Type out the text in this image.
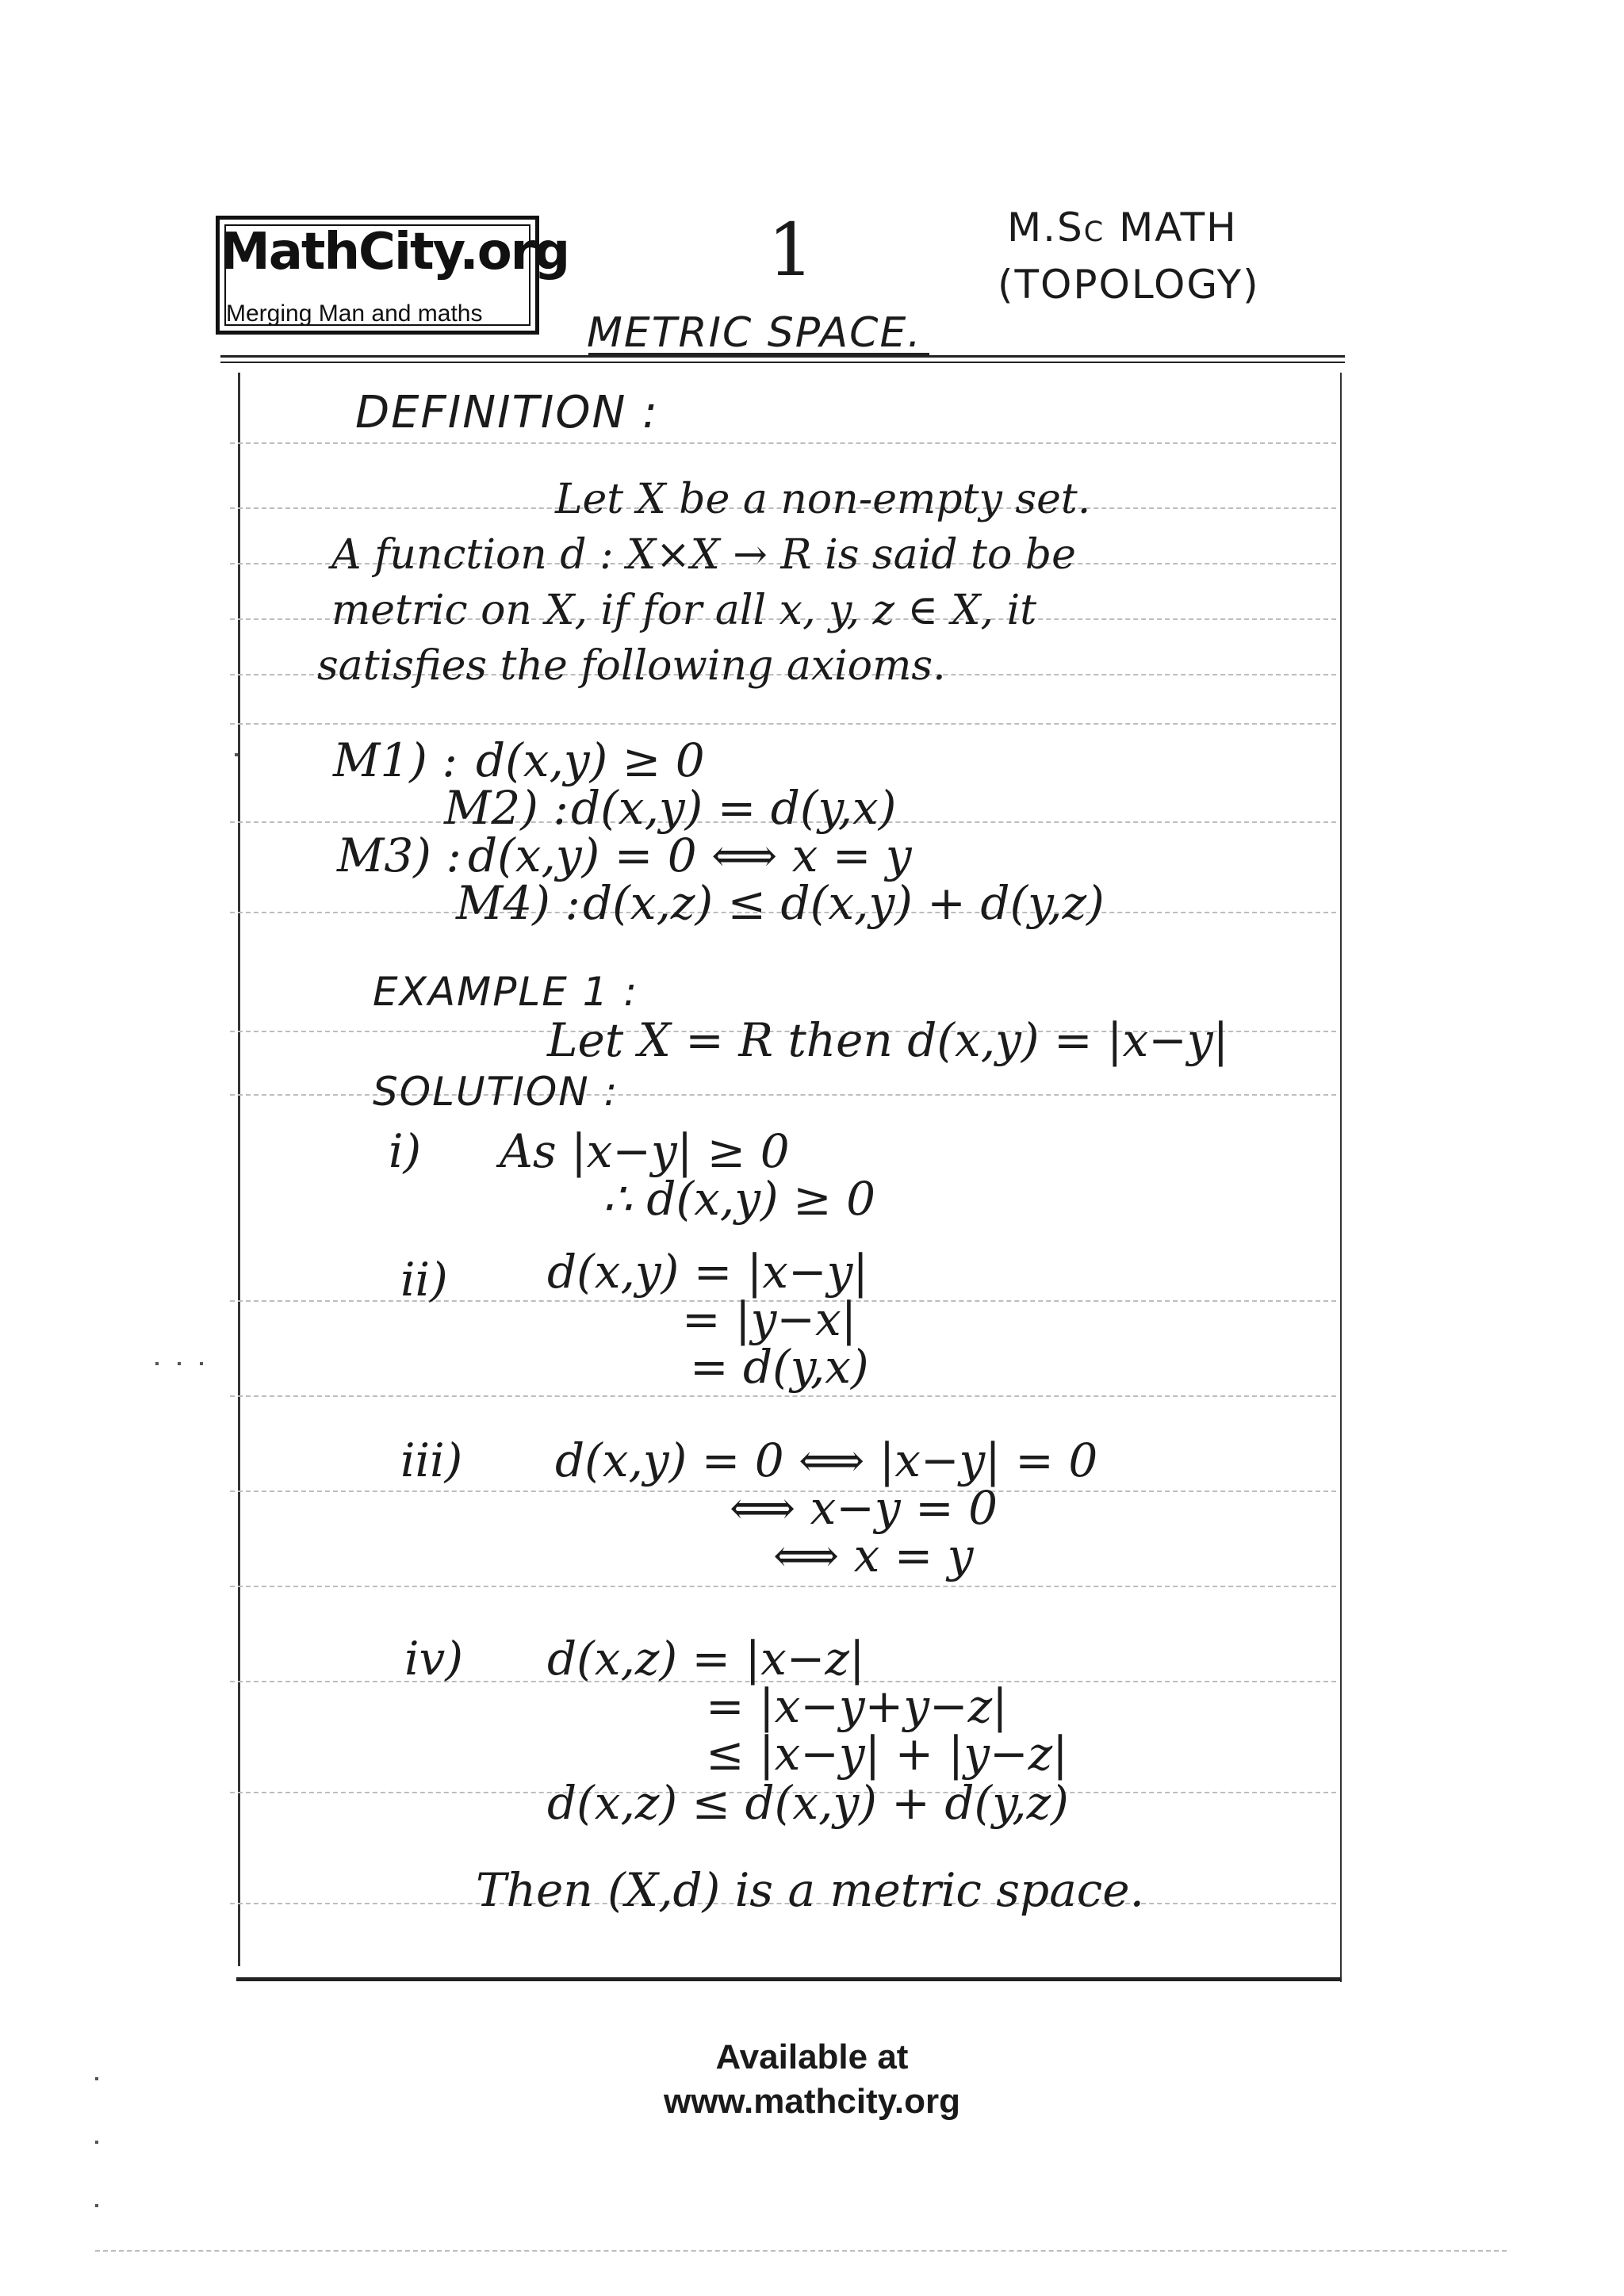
MathCity.org
Merging Man and maths
1	M.Sc MATH
(TOPOLOGY)
METRIC SPACE.
DEFINITION :
Let X be a non-empty set.
A function d : X×X → R is said to be
metric on X, if for all x, y, z ∈ X, it
satisfies the following axioms.
M1) : d(x,y) ≥ 0
M2) : d(x,y) = d(y,x)
M3) : d(x,y) = 0 ⟺ x = y
M4) : d(x,z) ≤ d(x,y) + d(y,z)
EXAMPLE 1 :
Let X = R then d(x,y) = |x−y|
SOLUTION :
i) As |x−y| ≥ 0
∴ d(x,y) ≥ 0
ii) d(x,y) = |x−y|
= |y−x|
= d(y,x)
iii) d(x,y) = 0 ⟺ |x−y| = 0
⟺ x−y = 0
⟺ x = y
iv) d(x,z) = |x−z|
= |x−y+y−z|
≤ |x−y| + |y−z|
d(x,z) ≤ d(x,y) + d(y,z)
Then (X,d) is a metric space.
Available at
www.mathcity.org
